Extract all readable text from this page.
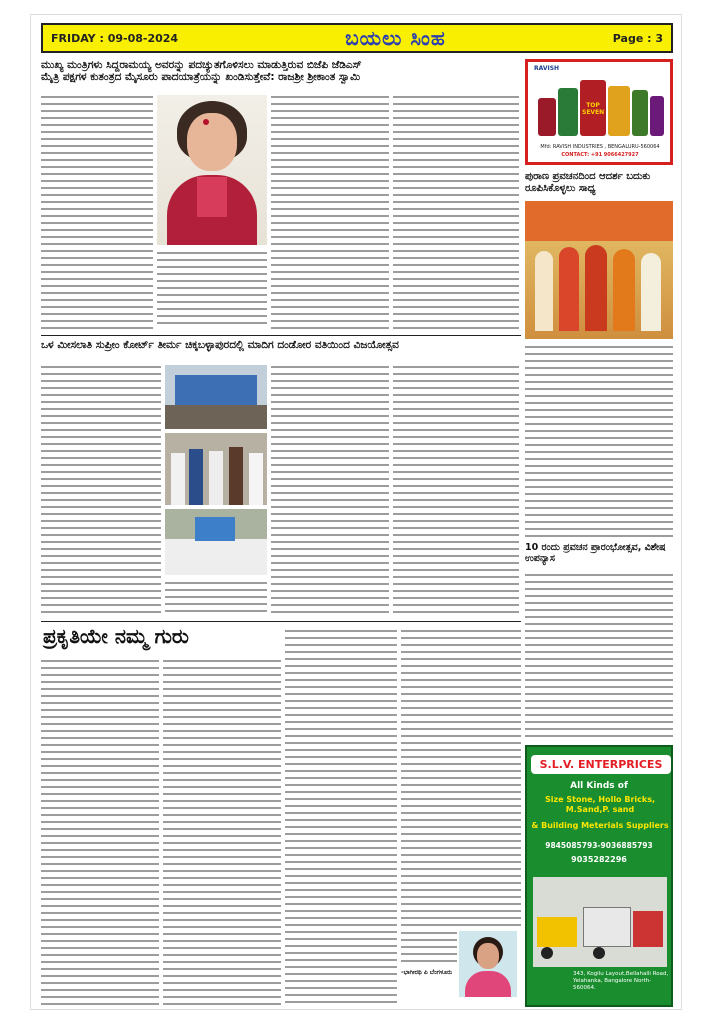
FRIDAY : 09-08-2024	ಬಯಲು ಸಿಂಹ	Page : 3
ಮುಖ್ಯ ಮಂತ್ರಿಗಳು ಸಿದ್ದರಾಮಯ್ಯ ಅವರನ್ನು ಪದಚ್ಯುತಗೊಳಿಸಲು ಮಾಡುತ್ತಿರುವ ಬಿಜೆಪಿ ಜೆಡಿಎಸ್
ಮೈತ್ರಿ ಪಕ್ಷಗಳ ಕುತಂತ್ರದ ಮೈಸೂರು ಪಾದಯಾತ್ರೆಯನ್ನು ಖಂಡಿಸುತ್ತೇವೆ: ರಾಜಶ್ರೀ ಶ್ರೀಕಾಂತ ಸ್ವಾಮಿ
RAVISH
TOP SEVEN
Mfd: RAVISH INDUSTRIES , BENGALURU-560064
CONTACT: +91 9066427927
ಪುರಾಣ ಪ್ರವಚನದಿಂದ ಆದರ್ಶ ಬದುಕು ರೂಪಿಸಿಕೊಳ್ಳಲು ಸಾಧ್ಯ
10 ರಂದು ಪ್ರವಚನ ಪ್ರಾರಂಭೋತ್ಸವ, ವಿಶೇಷ ಉಪನ್ಯಾಸ
S.L.V. ENTERPRICES
All Kinds of
Size Stone, Hollo Bricks, M.Sand,P. sand
& Building Meterials Suppliers
9845085793-9036885793
9035282296
343, Kogilu Layout,Bellahalli Road, Yelahanka, Bangalore North-560064.
ಒಳ ಮೀಸಲಾತಿ ಸುಪ್ರೀಂ ಕೋರ್ಟ್ ತೀರ್ಮ ಚಿಕ್ಕಬಳ್ಳಾಪುರದಲ್ಲಿ ಮಾದಿಗ ದಂಡೋರ ವತಿಯಿಂದ ವಿಜಯೋತ್ಸವ
ಪ್ರಕೃತಿಯೇ ನಮ್ಮ ಗುರು
-ಭಾಗೀರಥಿ ಪಿ ಬೆಂಗಳೂರು
